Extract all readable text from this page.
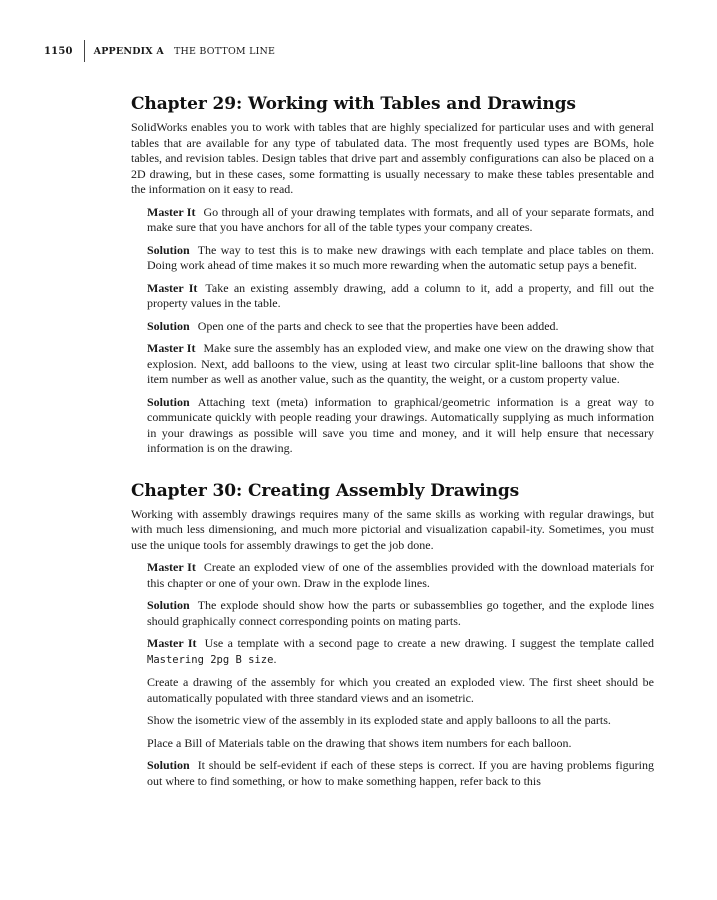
1150 APPENDIX A THE BOTTOM LINE
Chapter 29: Working with Tables and Drawings

SolidWorks enables you to work with tables that are highly specialized for particular uses and with general tables that are available for any type of tabulated data. The most frequently used types are BOMs, hole tables, and revision tables. Design tables that drive part and assembly configurations can also be placed on a 2D drawing, but in these cases, some formatting is usually necessary to make these tables presentable and the information on it easy to read.

Master It Go through all of your drawing templates with formats, and all of your separate formats, and make sure that you have anchors for all of the table types your company creates.

Solution The way to test this is to make new drawings with each template and place tables on them. Doing work ahead of time makes it so much more rewarding when the automatic setup pays a benefit.

Master It Take an existing assembly drawing, add a column to it, add a property, and fill out the property values in the table.

Solution Open one of the parts and check to see that the properties have been added.

Master It Make sure the assembly has an exploded view, and make one view on the drawing show that explosion. Next, add balloons to the view, using at least two circular split-line balloons that show the item number as well as another value, such as the quantity, the weight, or a custom property value.

Solution Attaching text (meta) information to graphical/geometric information is a great way to communicate quickly with people reading your drawings. Automatically supplying as much information in your drawings as possible will save you time and money, and it will help ensure that necessary information is on the drawing.

Chapter 30: Creating Assembly Drawings

Working with assembly drawings requires many of the same skills as working with regular drawings, but with much less dimensioning, and much more pictorial and visualization capabil-ity. Sometimes, you must use the unique tools for assembly drawings to get the job done.

Master It Create an exploded view of one of the assemblies provided with the download materials for this chapter or one of your own. Draw in the explode lines.

Solution The explode should show how the parts or subassemblies go together, and the explode lines should graphically connect corresponding points on mating parts.

Master It Use a template with a second page to create a new drawing. I suggest the template called Mastering 2pg B size.

Create a drawing of the assembly for which you created an exploded view. The first sheet should be automatically populated with three standard views and an isometric.

Show the isometric view of the assembly in its exploded state and apply balloons to all the parts.

Place a Bill of Materials table on the drawing that shows item numbers for each balloon.

Solution It should be self-evident if each of these steps is correct. If you are having problems figuring out where to find something, or how to make something happen, refer back to this
